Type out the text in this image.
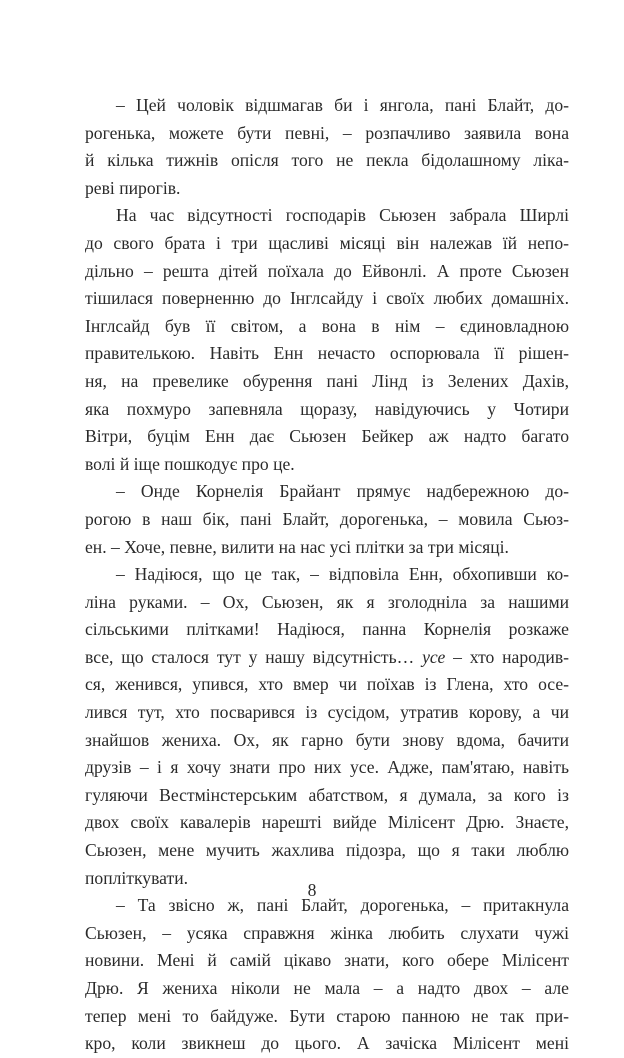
– Цей чоловік відшмагав би і янгола, пані Блайт, до-
рогенька, можете бути певні, – розпачливо заявила вона
й кілька тижнів опісля того не пекла бідолашному ліка-
реві пирогів.
На час відсутності господарів Сьюзен забрала Ширлі
до свого брата і три щасливі місяці він належав їй непо-
дільно – решта дітей поїхала до Ейвонлі. А проте Сьюзен
тішилася поверненню до Інглсайду і своїх любих домашніх.
Інглсайд був її світом, а вона в нім – єдиновладною
правителькою. Навіть Енн нечасто оспорювала її рішен-
ня, на превелике обурення пані Лінд із Зелених Дахів,
яка похмуро запевняла щоразу, навідуючись у Чотири
Вітри, буцім Енн дає Сьюзен Бейкер аж надто багато
волі й іще пошкодує про це.
– Онде Корнелія Брайант прямує надбережною до-
рогою в наш бік, пані Блайт, дорогенька, – мовила Сьюз-
ен. – Хоче, певне, вилити на нас усі плітки за три місяці.
– Надіюся, що це так, – відповіла Енн, обхопивши ко-
ліна руками. – Ох, Сьюзен, як я зголодніла за нашими
сільськими плітками! Надіюся, панна Корнелія розкаже
все, що сталося тут у нашу відсутність… усе – хто народив-
ся, женився, упився, хто вмер чи поїхав із Глена, хто осе-
лився тут, хто посварився із сусідом, утратив корову, а чи
знайшов жениха. Ох, як гарно бути знову вдома, бачити
друзів – і я хочу знати про них усе. Адже, пам'ятаю, навіть
гуляючи Вестмінстерським абатством, я думала, за кого із
двох своїх кавалерів нарешті вийде Мілісент Дрю. Знаєте,
Сьюзен, мене мучить жахлива підозра, що я таки люблю
попліткувати.
– Та звісно ж, пані Блайт, дорогенька, – притакнула
Сьюзен, – усяка справжня жінка любить слухати чужі
новини. Мені й самій цікаво знати, кого обере Мілісент
Дрю. Я жениха ніколи не мала – а надто двох – але
тепер мені то байдуже. Бути старою панною не так при-
кро, коли звикнеш до цього. А зачіска Мілісент мені
8
